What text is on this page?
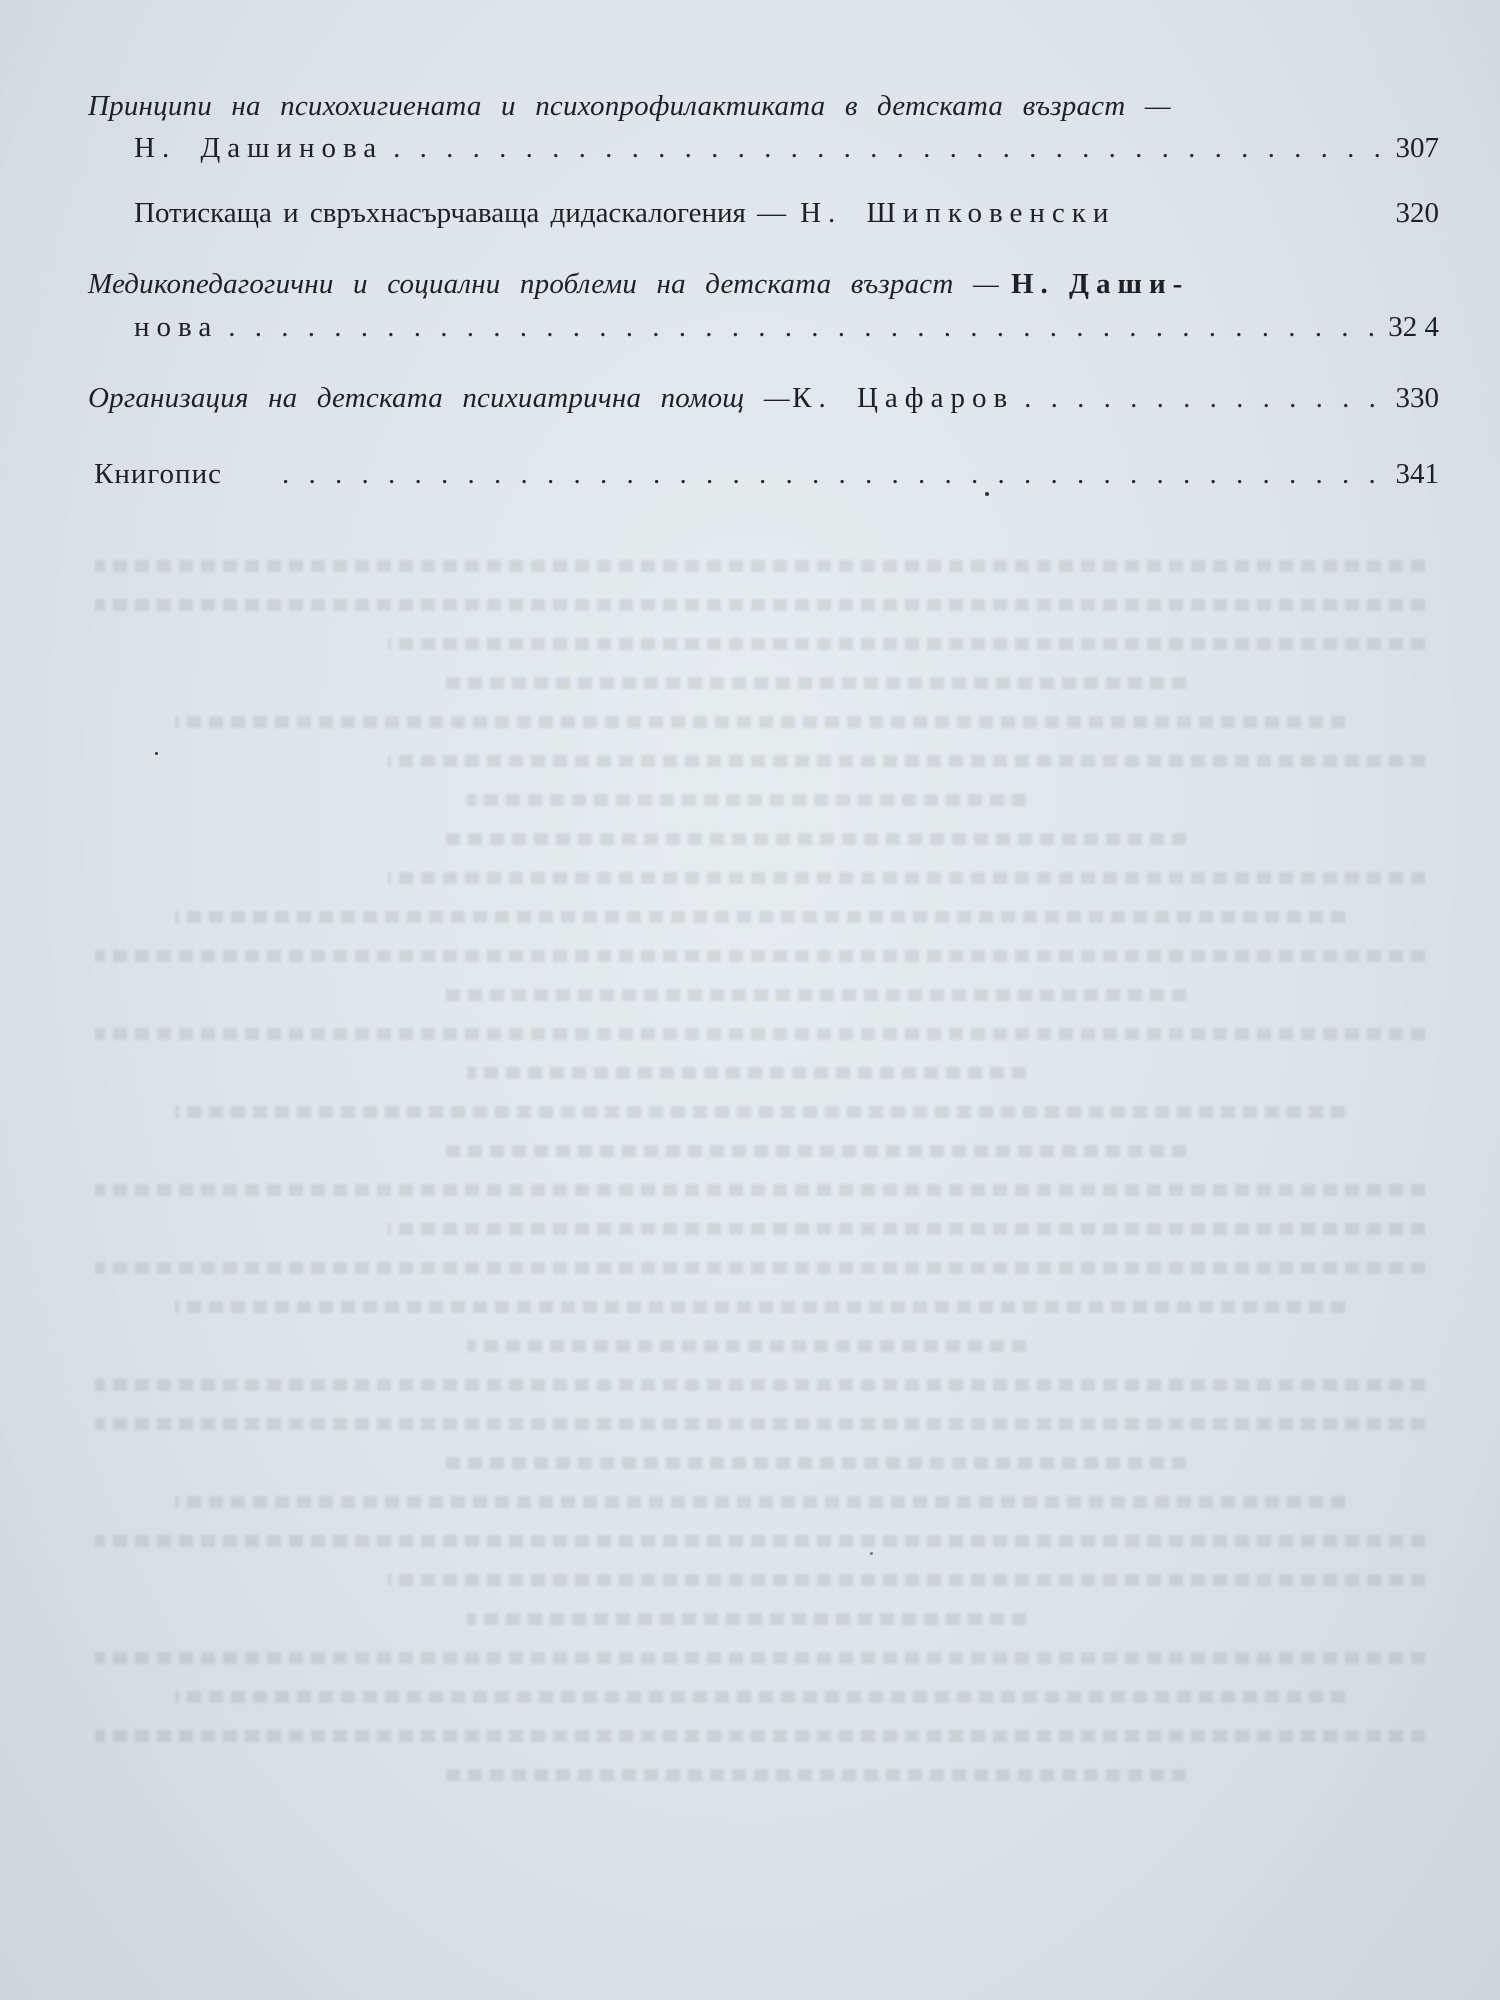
Принципи на психохигиената и психопрофилактиката в детската възраст —
Н. Дашинова . . .	307
Потискаща и свръхнасърчаваща дидаскалогения — Н. Шипковенски	320
Медикопедагогични и социални проблеми на детската възраст — Н. Даши-
нова . . .	32 4
Организация на детската психиатрична помощ — К. Цафаров . . .	330
Книгопис . . .	341
